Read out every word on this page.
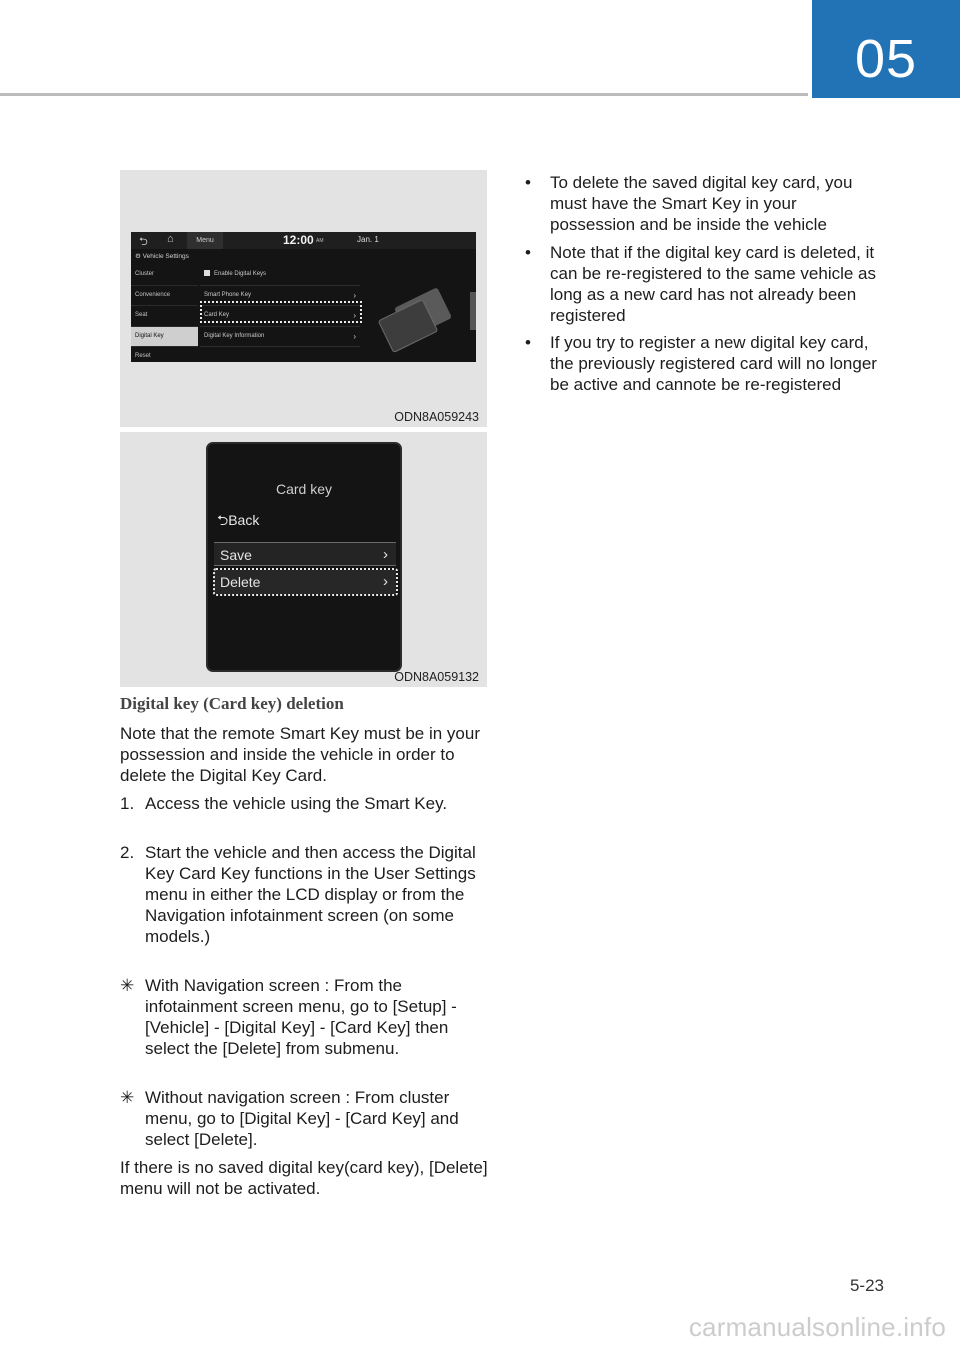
05
⮌ ⌂	Menu	12:00 AM	Jan. 1
⚙ Vehicle Settings
Cluster
Convenience
Seat
Digital Key
Reset
Enable Digital Keys
Smart Phone Key	›
Card Key	›
Digital Key Information	›
ODN8A059243
Card key
⮌Back
Save	›
Delete	›
ODN8A059132
Digital key (Card key) deletion

Note that the remote Smart Key must be in your possession and inside the vehicle in order to delete the Digital Key Card.

1. Access the vehicle using the Smart Key.
2. Start the vehicle and then access the Digital Key Card Key functions in the User Settings menu in either the LCD display or from the Navigation infotainment screen (on some models.)
✳ With Navigation screen : From the infotainment screen menu, go to [Setup] - [Vehicle] - [Digital Key] - [Card Key] then select the [Delete] from submenu.
✳ Without navigation screen : From cluster menu, go to [Digital Key] - [Card Key] and select [Delete].

If there is no saved digital key(card key), [Delete] menu will not be activated.

• To delete the saved digital key card, you must have the Smart Key in your possession and be inside the vehicle
• Note that if the digital key card is deleted, it can be re-registered to the same vehicle as long as a new card has not already been registered
• If you try to register a new digital key card, the previously registered card will no longer be active and cannote be re-registered
5-23
carmanualsonline.info
